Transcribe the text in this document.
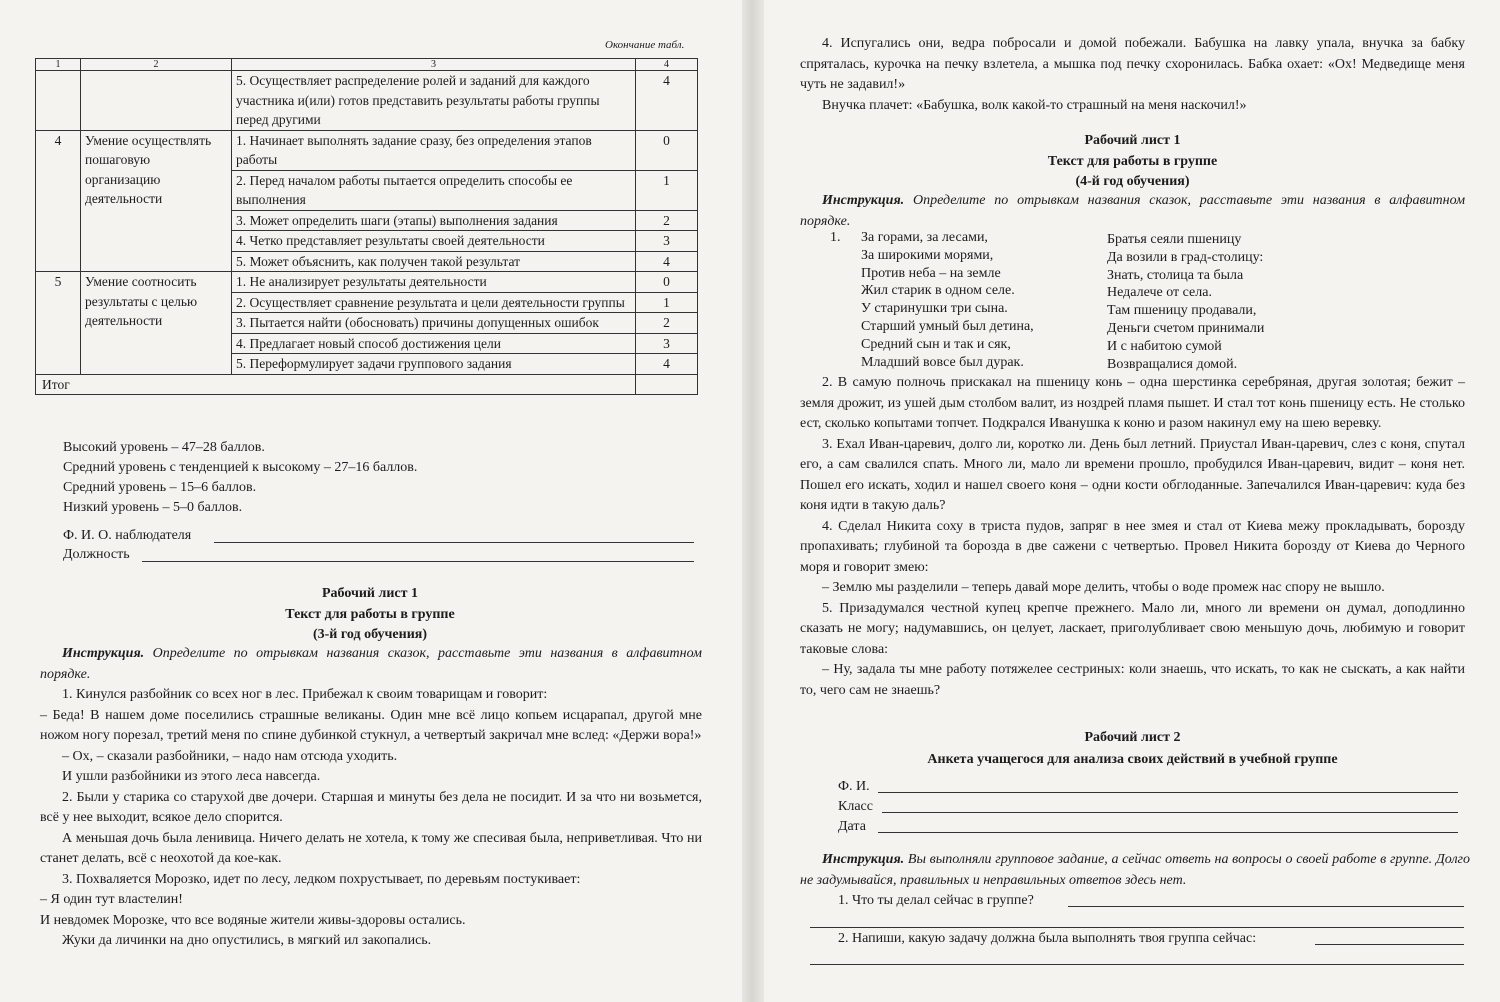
Окончание табл.
1	2	3	4
		5. Осуществляет распределение ролей и заданий для каждого участника и(или) готов представить результаты работы группы перед другими	4
4	Умение осуществлять пошаговую организацию деятельности	1. Начинает выполнять задание сразу, без определения этапов работы	0
		2. Перед началом работы пытается определить способы ее выполнения	1
		3. Может определить шаги (этапы) выполнения задания	2
		4. Четко представляет результаты своей деятельности	3
		5. Может объяснить, как получен такой результат	4
5	Умение соотносить результаты с целью деятельности	1. Не анализирует результаты деятельности	0
		2. Осуществляет сравнение результата и цели деятельности группы	1
		3. Пытается найти (обосновать) причины допущенных ошибок	2
		4. Предлагает новый способ достижения цели	3
		5. Переформулирует задачи группового задания	4
Итог			
Высокий уровень – 47–28 баллов.
Средний уровень с тенденцией к высокому – 27–16 баллов.
Средний уровень – 15–6 баллов.
Низкий уровень – 5–0 баллов.
Ф. И. О. наблюдателя
Должность
Рабочий лист 1
Текст для работы в группе
(3-й год обучения)

Инструкция. Определите по отрывкам названия сказок, расставьте эти названия в алфавитном порядке.

1. Кинулся разбойник со всех ног в лес. Прибежал к своим товарищам и говорит:

– Беда! В нашем доме поселились страшные великаны. Один мне всё лицо копьем исцарапал, другой мне ножом ногу порезал, третий меня по спине дубинкой стукнул, а четвертый закричал мне вслед: «Держи вора!»

– Ох, – сказали разбойники, – надо нам отсюда уходить.

И ушли разбойники из этого леса навсегда.

2. Были у старика со старухой две дочери. Старшая и минуты без дела не посидит. И за что ни возьмется, всё у нее выходит, всякое дело спорится.

А меньшая дочь была ленивица. Ничего делать не хотела, к тому же спесивая была, неприветливая. Что ни станет делать, всё с неохотой да кое-как.

3. Похваляется Морозко, идет по лесу, ледком похрустывает, по деревьям постукивает:

– Я один тут властелин!

И невдомек Морозке, что все водяные жители живы-здоровы остались.

Жуки да личинки на дно опустились, в мягкий ил закопались.

4. Испугались они, ведра побросали и домой побежали. Бабушка на лавку упала, внучка за бабку спряталась, курочка на печку взлетела, а мышка под печку схоронилась. Бабка охает: «Ох! Медведище меня чуть не задавил!»

Внучка плачет: «Бабушка, волк какой-то страшный на меня наскочил!»

Рабочий лист 1
Текст для работы в группе
(4-й год обучения)

Инструкция. Определите по отрывкам названия сказок, расставьте эти названия в алфавитном порядке.

1. За горами, за лесами,
За широкими морями,
Против неба – на земле
Жил старик в одном селе.
У старинушки три сына.
Старший умный был детина,
Средний сын и так и сяк,
Младший вовсе был дурак.
Братья сеяли пшеницу
Да возили в град-столицу:
Знать, столица та была
Недалече от села.
Там пшеницу продавали,
Деньги счетом принимали
И с набитою сумой
Возвращалися домой.

2. В самую полночь прискакал на пшеницу конь – одна шерстинка серебряная, другая золотая; бежит – земля дрожит, из ушей дым столбом валит, из ноздрей пламя пышет. И стал тот конь пшеницу есть. Не столько ест, сколько копытами топчет. Подкрался Иванушка к коню и разом накинул ему на шею веревку.

3. Ехал Иван-царевич, долго ли, коротко ли. День был летний. Приустал Иван-царевич, слез с коня, спутал его, а сам свалился спать. Много ли, мало ли времени прошло, пробудился Иван-царевич, видит – коня нет. Пошел его искать, ходил и нашел своего коня – одни кости обглоданные. Запечалился Иван-царевич: куда без коня идти в такую даль?

4. Сделал Никита соху в триста пудов, запряг в нее змея и стал от Киева межу прокладывать, борозду пропахивать; глубиной та борозда в две сажени с четвертью. Провел Никита борозду от Киева до Черного моря и говорит змею:

– Землю мы разделили – теперь давай море делить, чтобы о воде промеж нас спору не вышло.

5. Призадумался честной купец крепче прежнего. Мало ли, много ли времени он думал, доподлинно сказать не могу; надумавшись, он целует, ласкает, приголубливает свою меньшую дочь, любимую и говорит таковые слова:

– Ну, задала ты мне работу потяжелее сестриных: коли знаешь, что искать, то как не сыскать, а как найти то, чего сам не знаешь?

Рабочий лист 2
Анкета учащегося для анализа своих действий в учебной группе
Ф. И.
Класс
Дата

Инструкция. Вы выполняли групповое задание, а сейчас ответь на вопросы о своей работе в группе. Долго не задумывайся, правильных и неправильных ответов здесь нет.

1. Что ты делал сейчас в группе?
2. Напиши, какую задачу должна была выполнять твоя группа сейчас:
